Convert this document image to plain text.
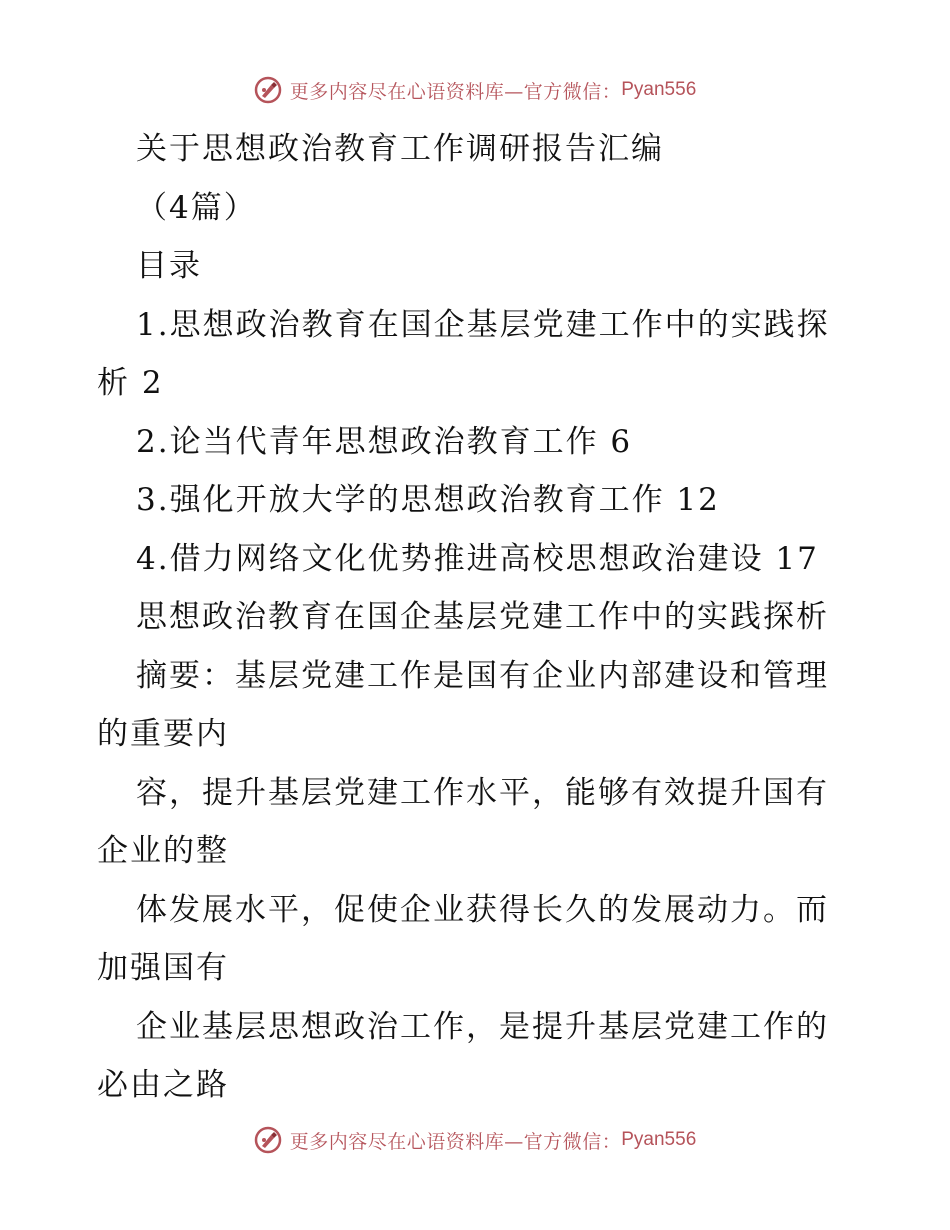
更多内容尽在心语资料库—官方微信： Pyan556
关于思想政治教育工作调研报告汇编
（4篇）
目录
1.思想政治教育在国企基层党建工作中的实践探
析 2
2.论当代青年思想政治教育工作 6
3.强化开放大学的思想政治教育工作 12
4.借力网络文化优势推进高校思想政治建设 17
思想政治教育在国企基层党建工作中的实践探析
摘要：基层党建工作是国有企业内部建设和管理
的重要内
容，提升基层党建工作水平，能够有效提升国有
企业的整
体发展水平，促使企业获得长久的发展动力。而
加强国有
企业基层思想政治工作，是提升基层党建工作的
必由之路
更多内容尽在心语资料库—官方微信： Pyan556
